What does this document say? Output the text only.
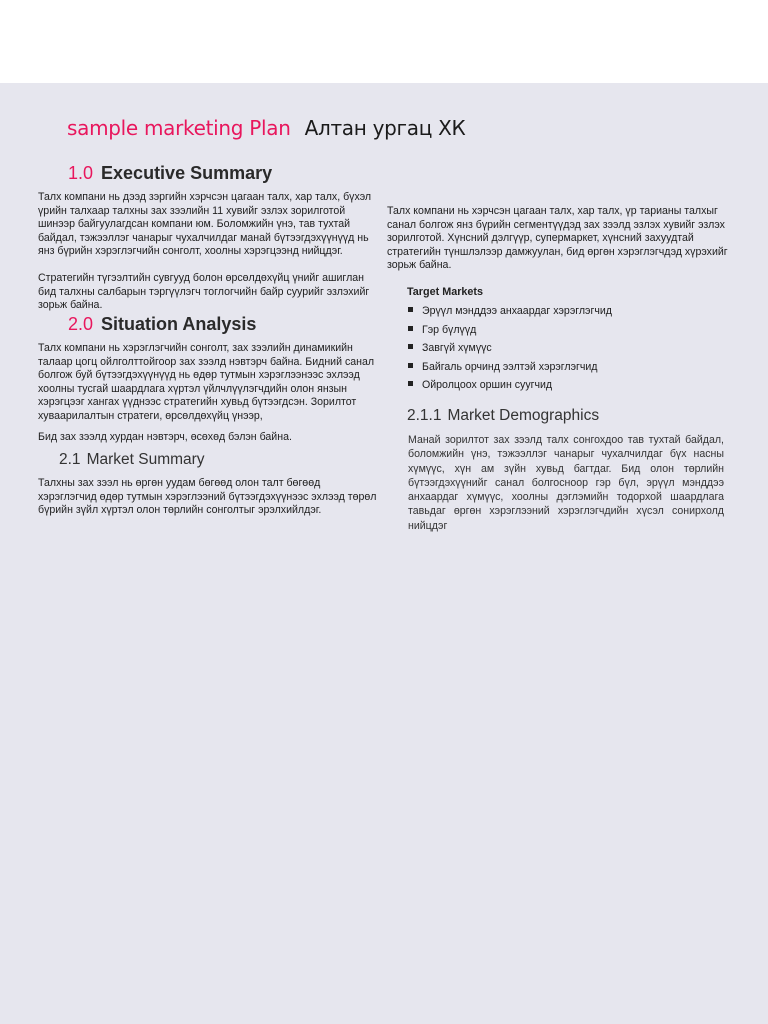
sample marketing Plan Алтан ургац ХК
1.0 Executive Summary

Талх компани нь дээд зэргийн хэрчсэн цагаан талх, хар талх, бүхэл үрийн талхаар талхны зах зээлийн 11 хувийг эзлэх зорилготой шинээр байгуулагдсан компани юм. Боломжийн үнэ, тав тухтай байдал, тэжээллэг чанарыг чухалчилдаг манай бүтээгдэхүүнүүд нь янз бүрийн хэрэглэгчийн сонголт, хоолны хэрэгцээнд нийцдэг.

Стратегийн түгээлтийн сувгууд болон өрсөлдөхүйц үнийг ашиглан бид талхны салбарын тэргүүлэгч тоглогчийн байр суурийг эзлэхийг зорьж байна.

Талх компани нь хэрчсэн цагаан талх, хар талх, үр тарианы талхыг санал болгож янз бүрийн сегментүүдэд зах зээлд эзлэх хувийг эзлэх зорилготой. Хүнсний дэлгүүр, супермаркет, хүнсний захуудтай стратегийн түншлэлээр дамжуулан, бид өргөн хэрэглэгчдэд хүрэхийг зорьж байна.

2.0 Situation Analysis

Талх компани нь хэрэглэгчийн сонголт, зах зээлийн динамикийн талаар цогц ойлголттойгоор зах зээлд нэвтэрч байна. Бидний санал болгож буй бүтээгдэхүүнүүд нь өдөр тутмын хэрэглээнээс эхлээд хоолны тусгай шаардлага хүртэл үйлчлүүлэгчдийн олон янзын хэрэгцээг хангах үүднээс стратегийн хувьд бүтээгдсэн. Зорилтот хуваарилалтын стратеги, өрсөлдөхүйц үнээр,

Бид зах зээлд хурдан нэвтэрч, өсөхөд бэлэн байна.

2.1 Market Summary

Талхны зах зээл нь өргөн уудам бөгөөд олон талт бөгөөд хэрэглэгчид өдөр тутмын хэрэглээний бүтээгдэхүүнээс эхлээд төрөл бүрийн зүйл хүртэл олон төрлийн сонголтыг эрэлхийлдэг.

Target Markets
Эрүүл мэнддээ анхаардаг хэрэглэгчид
Гэр бүлүүд
Завгүй хүмүүс
Байгаль орчинд ээлтэй хэрэглэгчид
Ойролцоох оршин суугчид
2.1.1 Market Demographics

Манай зорилтот зах зээлд талх сонгохдоо тав тухтай байдал, боломжийн үнэ, тэжээллэг чанарыг чухалчилдаг бүх насны хүмүүс, хүн ам зүйн хувьд багтдаг. Бид олон төрлийн бүтээгдэхүүнийг санал болгосноор гэр бүл, эрүүл мэнддээ анхаардаг хүмүүс, хоолны дэглэмийн тодорхой шаардлага тавьдаг өргөн хэрэглээний хэрэглэгчдийн хүсэл сонирхолд нийцдэг
